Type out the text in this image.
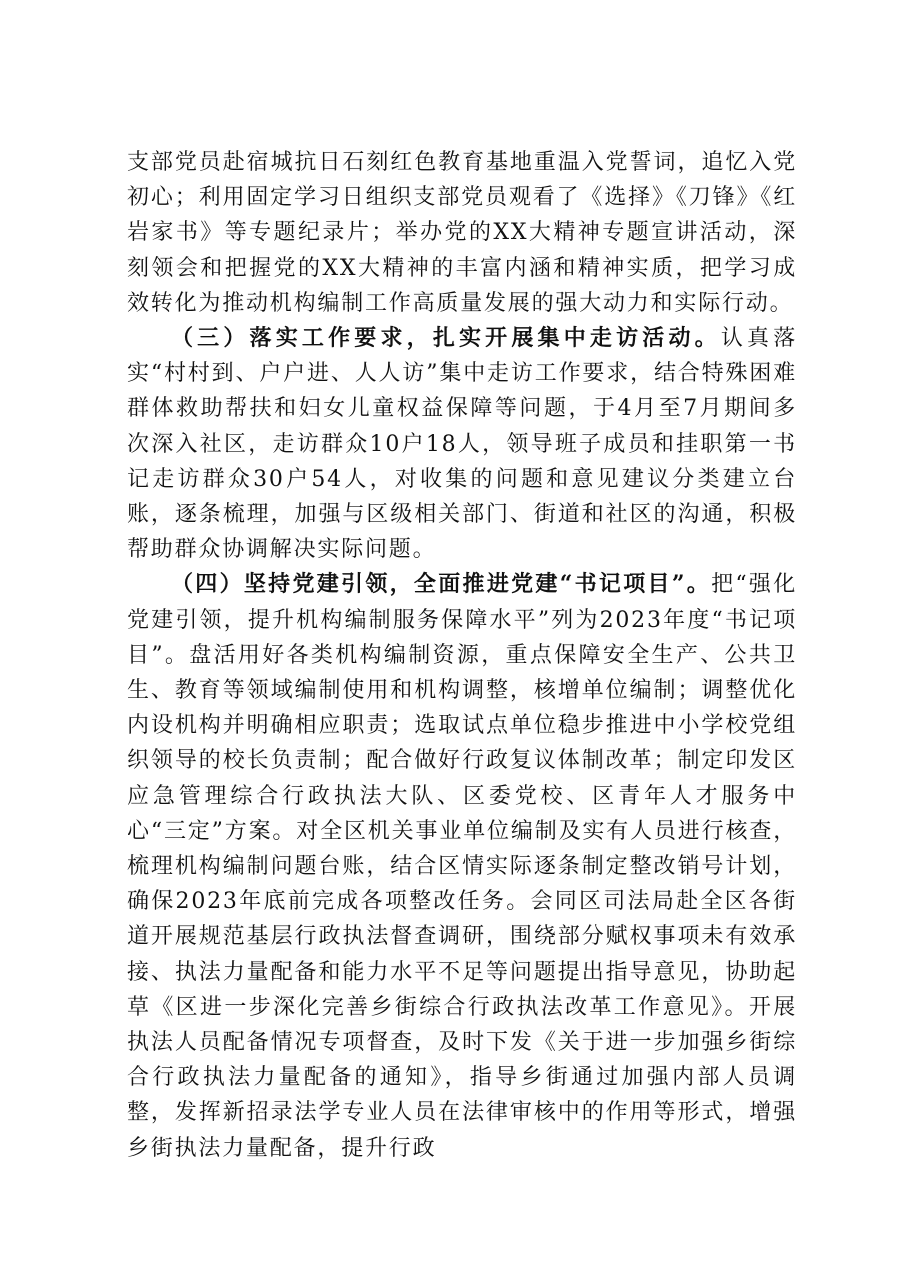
支部党员赴宿城抗日石刻红色教育基地重温入党誓词，追忆入党初心；利用固定学习日组织支部党员观看了《选择》《刀锋》《红岩家书》等专题纪录片；举办党的XX大精神专题宣讲活动，深刻领会和把握党的XX大精神的丰富内涵和精神实质，把学习成效转化为推动机构编制工作高质量发展的强大动力和实际行动。

（三）落实工作要求，扎实开展集中走访活动。认真落实“村村到、户户进、人人访”集中走访工作要求，结合特殊困难群体救助帮扶和妇女儿童权益保障等问题，于4月至7月期间多次深入社区，走访群众10户18人，领导班子成员和挂职第一书记走访群众30户54人，对收集的问题和意见建议分类建立台账，逐条梳理，加强与区级相关部门、街道和社区的沟通，积极帮助群众协调解决实际问题。

（四）坚持党建引领，全面推进党建“书记项目”。把“强化党建引领，提升机构编制服务保障水平”列为2023年度“书记项目”。盘活用好各类机构编制资源，重点保障安全生产、公共卫生、教育等领域编制使用和机构调整，核增单位编制；调整优化内设机构并明确相应职责；选取试点单位稳步推进中小学校党组织领导的校长负责制；配合做好行政复议体制改革；制定印发区应急管理综合行政执法大队、区委党校、区青年人才服务中心“三定”方案。对全区机关事业单位编制及实有人员进行核查，梳理机构编制问题台账，结合区情实际逐条制定整改销号计划，确保2023年底前完成各项整改任务。会同区司法局赴全区各街道开展规范基层行政执法督查调研，围绕部分赋权事项未有效承接、执法力量配备和能力水平不足等问题提出指导意见，协助起草《区进一步深化完善乡街综合行政执法改革工作意见》。开展执法人员配备情况专项督查，及时下发《关于进一步加强乡街综合行政执法力量配备的通知》，指导乡街通过加强内部人员调整，发挥新招录法学专业人员在法律审核中的作用等形式，增强乡街执法力量配备，提升行政
